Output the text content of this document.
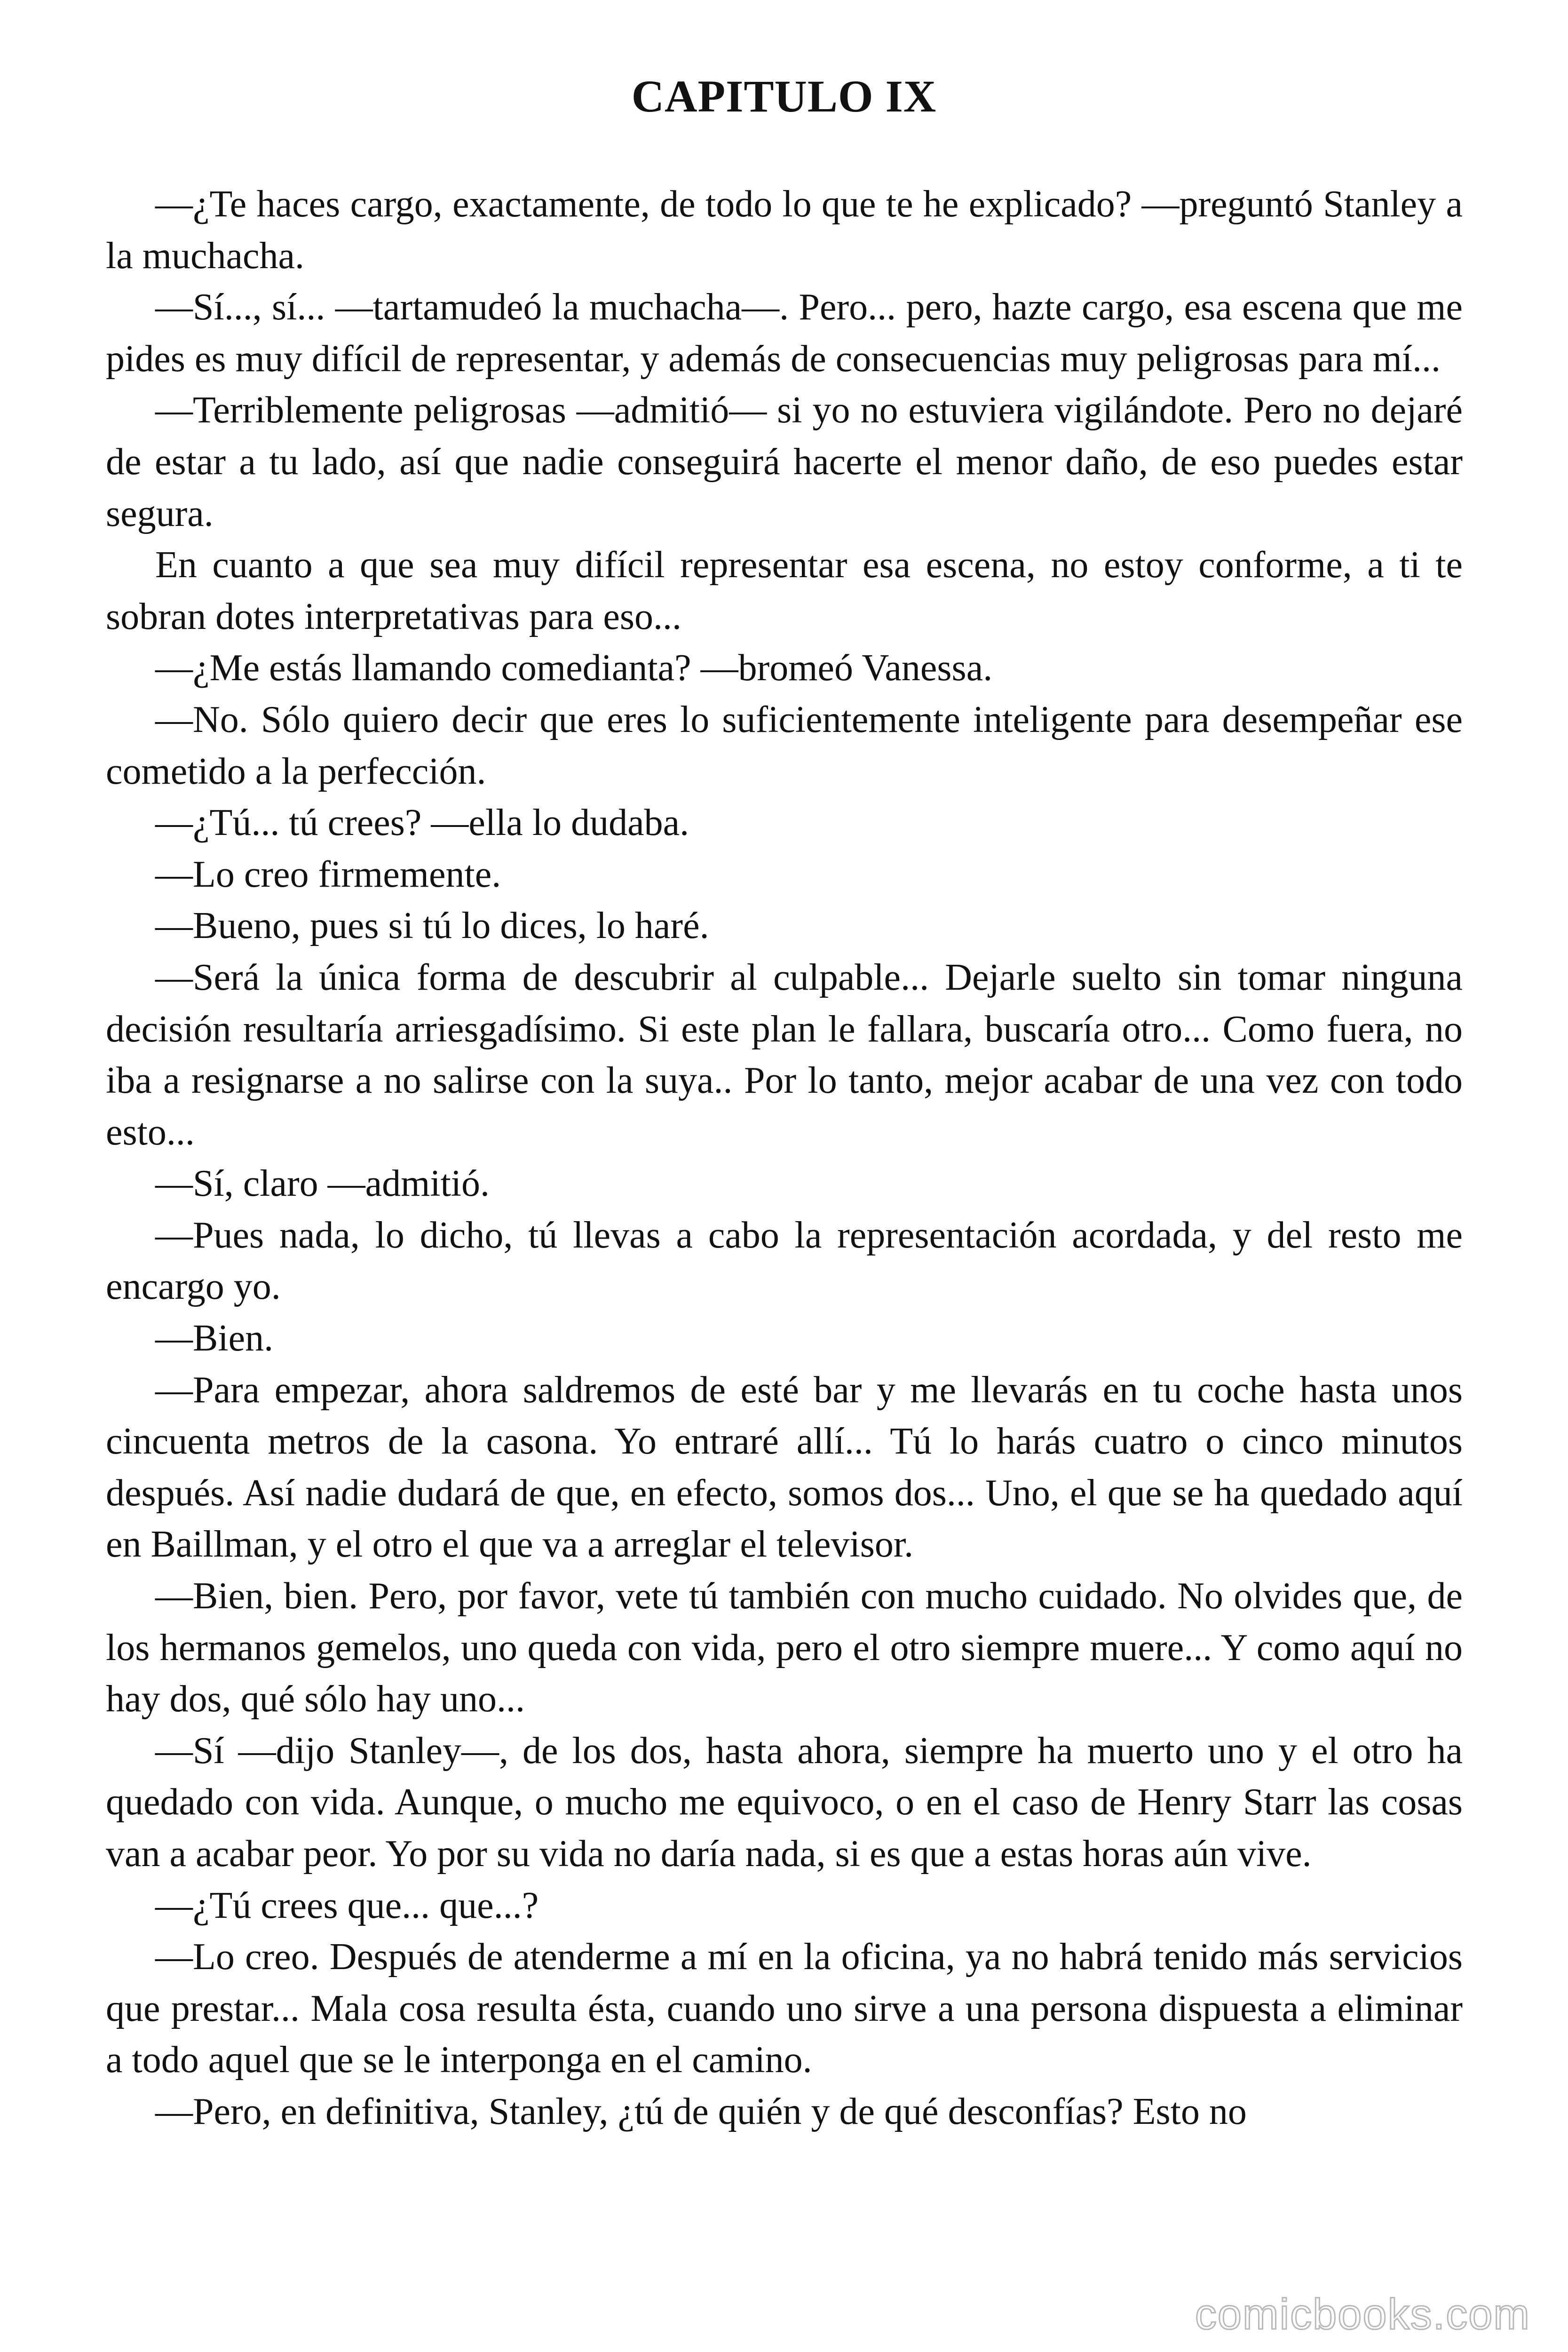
CAPITULO IX

—¿Te haces cargo, exactamente, de todo lo que te he explicado? —preguntó Stanley a la muchacha.

—Sí..., sí... —tartamudeó la muchacha—. Pero... pero, hazte cargo, esa escena que me pides es muy difícil de representar, y además de consecuencias muy peligrosas para mí...

—Terriblemente peligrosas —admitió— si yo no estuviera vigilándote. Pero no dejaré de estar a tu lado, así que nadie conseguirá hacerte el menor daño, de eso puedes estar segura.

En cuanto a que sea muy difícil representar esa escena, no estoy conforme, a ti te sobran dotes interpretativas para eso...

—¿Me estás llamando comedianta? —bromeó Vanessa.

—No. Sólo quiero decir que eres lo suficientemente inteligente para desempeñar ese cometido a la perfección.

—¿Tú... tú crees? —ella lo dudaba.

—Lo creo firmemente.

—Bueno, pues si tú lo dices, lo haré.

—Será la única forma de descubrir al culpable... Dejarle suelto sin tomar ninguna decisión resultaría arriesgadísimo. Si este plan le fallara, buscaría otro... Como fuera, no iba a resignarse a no salirse con la suya.. Por lo tanto, mejor acabar de una vez con todo esto...

—Sí, claro —admitió.

—Pues nada, lo dicho, tú llevas a cabo la representación acordada, y del resto me encargo yo.

—Bien.

—Para empezar, ahora saldremos de esté bar y me llevarás en tu coche hasta unos cincuenta metros de la casona. Yo entraré allí... Tú lo harás cuatro o cinco minutos después. Así nadie dudará de que, en efecto, somos dos... Uno, el que se ha quedado aquí en Baillman, y el otro el que va a arreglar el televisor.

—Bien, bien. Pero, por favor, vete tú también con mucho cuidado. No olvides que, de los hermanos gemelos, uno queda con vida, pero el otro siempre muere... Y como aquí no hay dos, qué sólo hay uno...

—Sí —dijo Stanley—, de los dos, hasta ahora, siempre ha muerto uno y el otro ha quedado con vida. Aunque, o mucho me equivoco, o en el caso de Henry Starr las cosas van a acabar peor. Yo por su vida no daría nada, si es que a estas horas aún vive.

—¿Tú crees que... que...?

—Lo creo. Después de atenderme a mí en la oficina, ya no habrá tenido más servicios que prestar... Mala cosa resulta ésta, cuando uno sirve a una persona dispuesta a eliminar a todo aquel que se le interponga en el camino.

—Pero, en definitiva, Stanley, ¿tú de quién y de qué desconfías? Esto no

comicbooks.com
